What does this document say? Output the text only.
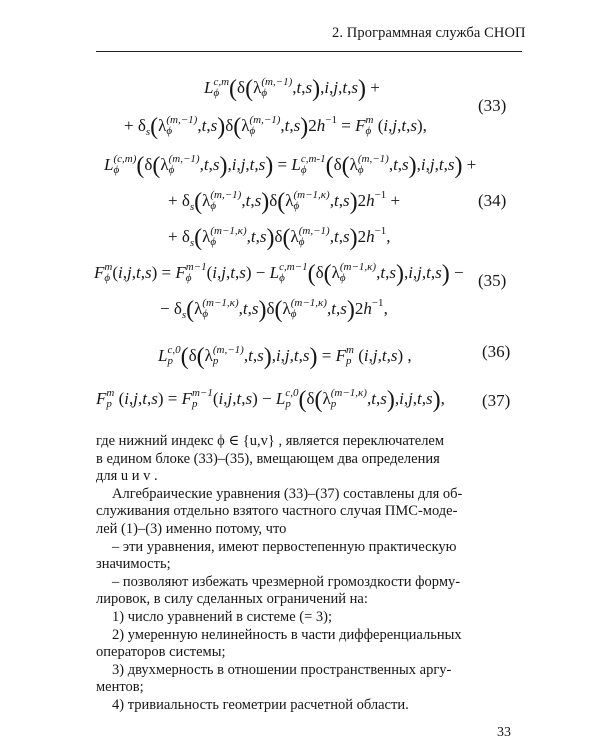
2. Программная служба СНОП
L c,m
ϕ (δ(λ (m,−1)
ϕ	,t,s),i,j,t,s) +
(33)
+ $\delta_s(\lambda$ (m,−1)
ϕ	,t,s)δ(λ (m,−1)
ϕ	$,t,s)2h^{-1} = F$ m
ϕ (i,j,t,s),
L (c,m)
ϕ (δ(λ (m,−1)
ϕ	,t,s),i,j,t,s) = L c,m-1
ϕ (δ(λ (m,−1)
ϕ	,t,s),i,j,t,s) +
+ $\delta_s(\lambda$ (m,−1)
ϕ	,t,s)δ(λ (m−1,κ)
ϕ	$,t,s)2h^{-1}$ +	(34)
+ $\delta_s(\lambda$ (m−1,κ)
ϕ	,t,s)δ(λ (m,−1)
ϕ	$,t,s)2h^{-1}$,
F m
ϕ (i,j,t,s) = F m−1
ϕ (i,j,t,s) − L c,m−1
ϕ (δ(λ (m−1,κ)
ϕ	,t,s),i,j,t,s) − (35)
− $\delta_s(\lambda$ (m−1,κ)
ϕ	,t,s)δ(λ (m−1,κ)
ϕ	$,t,s)2h^{-1}$,
L c,0
p (δ(λ (m,−1)
p	,t,s),i,j,t,s) = F m
p (i,j,t,s) ,	(36)
F m
p (i,j,t,s) = F m−1
p (i,j,t,s) − L c,0
p (δ(λ (m−1,κ)
p	,t,s),i,j,t,s), (37)
где нижний индекс ϕ ∈ {u,v} , является переключателем
в едином блоке (33)–(35), вмещающем два определения
для u и v .
Алгебраические уравнения (33)–(37) составлены для об-
служивания отдельно взятого частного случая ПМС-моде-
лей (1)–(3) именно потому, что
– эти уравнения, имеют первостепенную практическую
значимость;
– позволяют избежать чрезмерной громоздкости форму-
лировок, в силу сделанных ограничений на:
1) число уравнений в системе (= 3);
2) умеренную нелинейность в части дифференциальных
операторов системы;
33
3) двухмерность в отношении пространственных аргу-
ментов;
4) тривиальность геометрии расчетной области.
